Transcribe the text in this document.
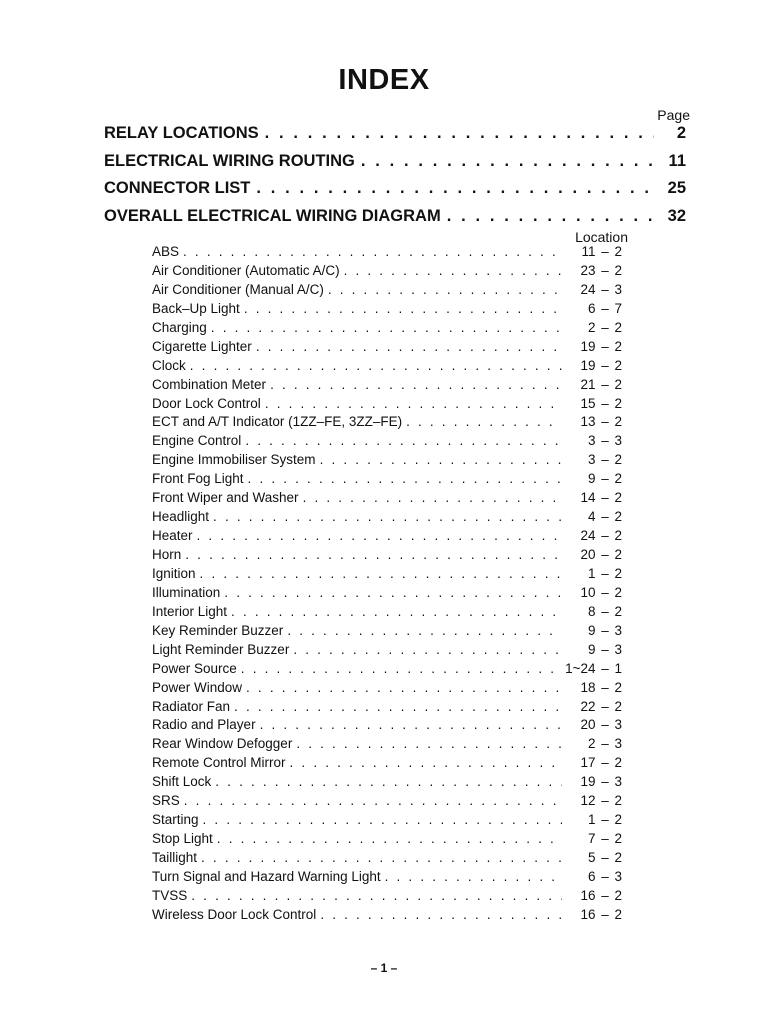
INDEX
Page
RELAY LOCATIONS . . .	2
ELECTRICAL WIRING ROUTING . . .	11
CONNECTOR LIST . . .	25
OVERALL ELECTRICAL WIRING DIAGRAM . . .	32
Location
ABS . . .	11 – 2
Air Conditioner (Automatic A/C) . . .	23 – 2
Air Conditioner (Manual A/C) . . .	24 – 3
Back–Up Light . . .	6 – 7
Charging . . .	2 – 2
Cigarette Lighter . . .	19 – 2
Clock . . .	19 – 2
Combination Meter . . .	21 – 2
Door Lock Control . . .	15 – 2
ECT and A/T Indicator (1ZZ–FE, 3ZZ–FE) . . .	13 – 2
Engine Control . . .	3 – 3
Engine Immobiliser System . . .	3 – 2
Front Fog Light . . .	9 – 2
Front Wiper and Washer . . .	14 – 2
Headlight . . .	4 – 2
Heater . . .	24 – 2
Horn . . .	20 – 2
Ignition . . .	1 – 2
Illumination . . .	10 – 2
Interior Light . . .	8 – 2
Key Reminder Buzzer . . .	9 – 3
Light Reminder Buzzer . . .	9 – 3
Power Source . . .	1~24 – 1
Power Window . . .	18 – 2
Radiator Fan . . .	22 – 2
Radio and Player . . .	20 – 3
Rear Window Defogger . . .	2 – 3
Remote Control Mirror . . .	17 – 2
Shift Lock . . .	19 – 3
SRS . . .	12 – 2
Starting . . .	1 – 2
Stop Light . . .	7 – 2
Taillight . . .	5 – 2
Turn Signal and Hazard Warning Light . . .	6 – 3
TVSS . . .	16 – 2
Wireless Door Lock Control . . .	16 – 2
– 1 –
